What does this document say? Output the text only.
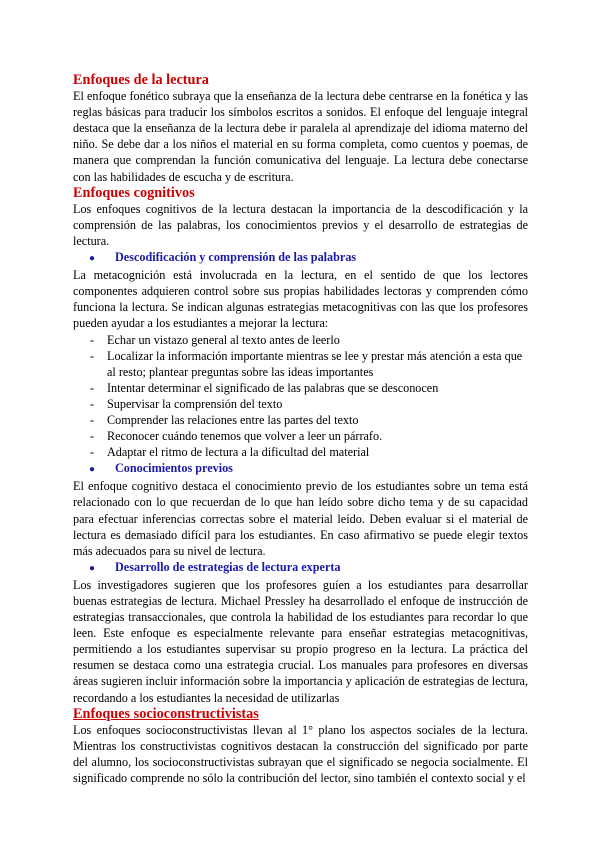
Enfoques de la lectura

El enfoque fonético subraya que la enseñanza de la lectura debe centrarse en la fonética y las reglas básicas para traducir los símbolos escritos a sonidos. El enfoque del lenguaje integral destaca que la enseñanza de la lectura debe ir paralela al aprendizaje del idioma materno del niño. Se debe dar a los niños el material en su forma completa, como cuentos y poemas, de manera que comprendan la función comunicativa del lenguaje. La lectura debe conectarse con las habilidades de escucha y de escritura.

Enfoques cognitivos

Los enfoques cognitivos de la lectura destacan la importancia de la descodificación y la comprensión de las palabras, los conocimientos previos y el desarrollo de estrategias de lectura.

●	Descodificación y comprensión de las palabras

La metacognición está involucrada en la lectura, en el sentido de que los lectores componentes adquieren control sobre sus propias habilidades lectoras y comprenden cómo funciona la lectura. Se indican algunas estrategias metacognitivas con las que los profesores pueden ayudar a los estudiantes a mejorar la lectura:

- Echar un vistazo general al texto antes de leerlo
- Localizar la información importante mientras se lee y prestar más atención a esta que al resto; plantear preguntas sobre las ideas importantes
- Intentar determinar el significado de las palabras que se desconocen
- Supervisar la comprensión del texto
- Comprender las relaciones entre las partes del texto
- Reconocer cuándo tenemos que volver a leer un párrafo.
- Adaptar el ritmo de lectura a la dificultad del material
●	Conocimientos previos

El enfoque cognitivo destaca el conocimiento previo de los estudiantes sobre un tema está relacionado con lo que recuerdan de lo que han leído sobre dicho tema y de su capacidad para efectuar inferencias correctas sobre el material leído. Deben evaluar si el material de lectura es demasiado difícil para los estudiantes. En caso afirmativo se puede elegir textos más adecuados para su nivel de lectura.

●	Desarrollo de estrategias de lectura experta

Los investigadores sugieren que los profesores guíen a los estudiantes para desarrollar buenas estrategias de lectura. Michael Pressley ha desarrollado el enfoque de instrucción de estrategias transaccionales, que controla la habilidad de los estudiantes para recordar lo que leen. Este enfoque es especialmente relevante para enseñar estrategias metacognitivas, permitiendo a los estudiantes supervisar su propio progreso en la lectura. La práctica del resumen se destaca como una estrategia crucial. Los manuales para profesores en diversas áreas sugieren incluir información sobre la importancia y aplicación de estrategias de lectura, recordando a los estudiantes la necesidad de utilizarlas

Enfoques socioconstructivistas

Los enfoques socioconstructivistas llevan al 1° plano los aspectos sociales de la lectura. Mientras los constructivistas cognitivos destacan la construcción del significado por parte del alumno, los socioconstructivistas subrayan que el significado se negocia socialmente. El significado comprende no sólo la contribución del lector, sino también el contexto social y el
